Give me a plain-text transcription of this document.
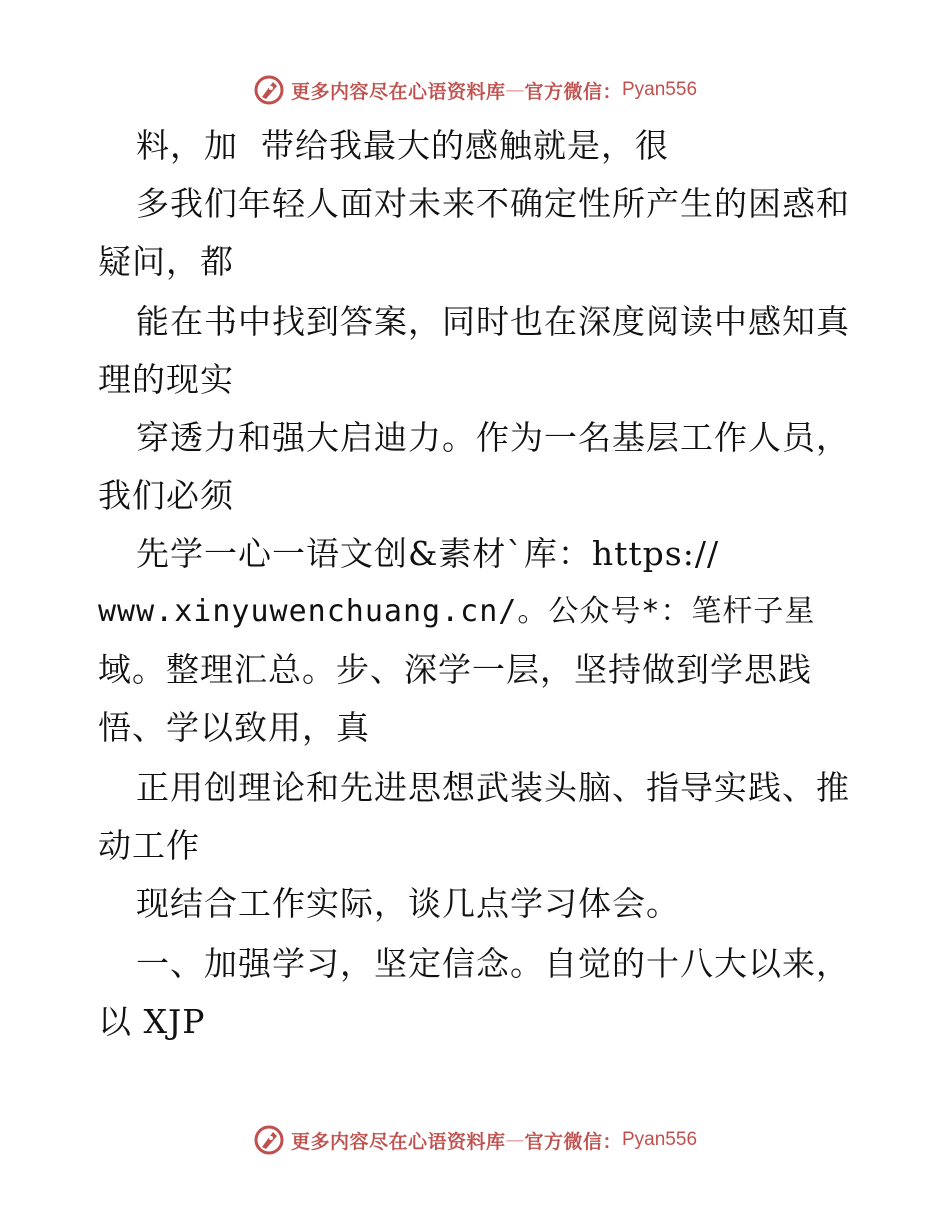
更多内容尽在心语资料库 — 官方微信： Pyan556
料，加  带给我最大的感触就是，很
多我们年轻人面对未来不确定性所产生的困惑和
疑问，都
能在书中找到答案，同时也在深度阅读中感知真
理的现实
穿透力和强大启迪力。作为一名基层工作人员，
我们必须
先学一心一语文创&素材`库：https://
www.xinyuwenchuang.cn/。公众号*：笔杆子星
域。整理汇总。步、深学一层，坚持做到学思践
悟、学以致用，真
正用创理论和先进思想武装头脑、指导实践、推
动工作
现结合工作实际，谈几点学习体会。
一、加强学习，坚定信念。自觉的十八大以来，
以 XJP
更多内容尽在心语资料库 — 官方微信： Pyan556
